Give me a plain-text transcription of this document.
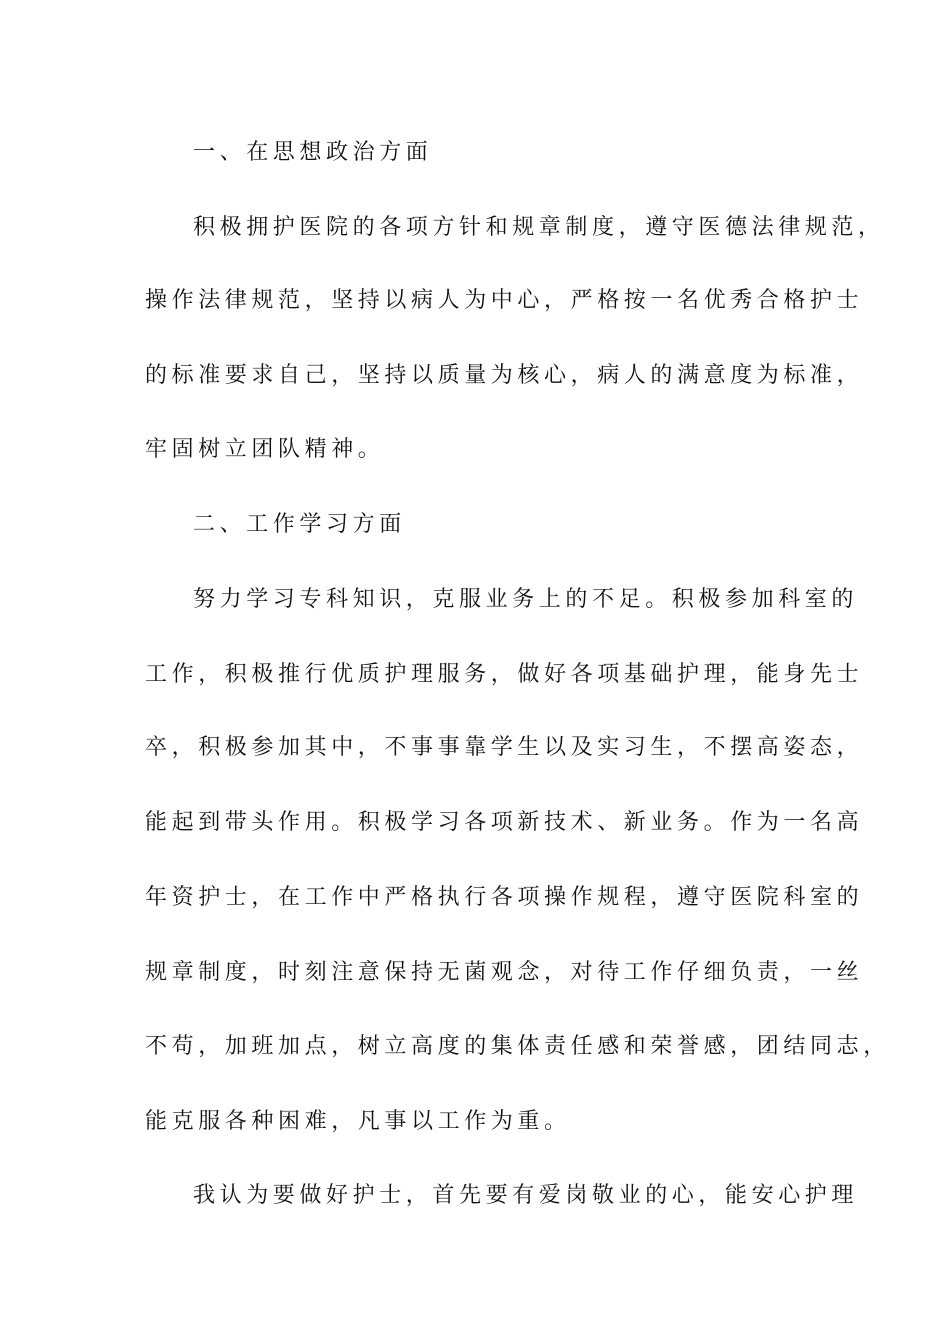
一、在思想政治方面
积极拥护医院的各项方针和规章制度，遵守医德法律规范，
操作法律规范，坚持以病人为中心，严格按一名优秀合格护士
的标准要求自己，坚持以质量为核心，病人的满意度为标准，
牢固树立团队精神。
二、工作学习方面
努力学习专科知识，克服业务上的不足。积极参加科室的
工作，积极推行优质护理服务，做好各项基础护理，能身先士
卒，积极参加其中，不事事靠学生以及实习生，不摆高姿态，
能起到带头作用。积极学习各项新技术、新业务。作为一名高
年资护士，在工作中严格执行各项操作规程，遵守医院科室的
规章制度，时刻注意保持无菌观念，对待工作仔细负责，一丝
不苟，加班加点，树立高度的集体责任感和荣誉感，团结同志，
能克服各种困难，凡事以工作为重。
我认为要做好护士，首先要有爱岗敬业的心，能安心护理
